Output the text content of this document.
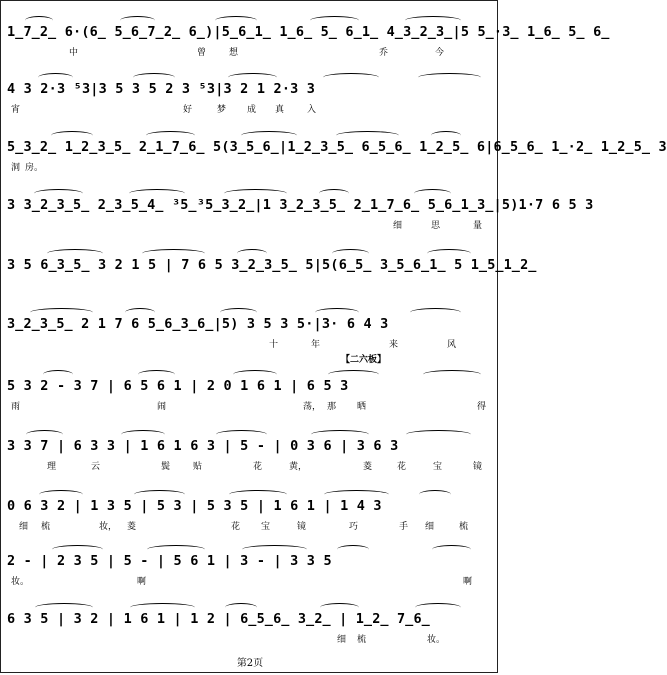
1̲7̲2̲ 6·(6̲ 5̲6̲7̲2̲ 6̲)|5̲6̲1̲ 1̲6̲ 5̲ 6̲1̲ 4̲3̲2̲3̲|5 5̲·3̲ 1̲6̲ 5̲ 6̲
中	曾	想	乔	今
4 3 2·3 ⁵3|3 5 3 5 2 3 ⁵3|3 2 1 2·3 3
宵	好	梦 成 真	入
5̲3̲2̲ 1̲2̲3̲5̲ 2̲1̲7̲6̲ 5(3̲5̲6̲|1̲2̲3̲5̲ 6̲5̲6̲ 1̲2̲5̲ 6|6̲5̲6̲ 1̲·2̲ 1̲2̲5̲ 3
洞 房。
3 3̲2̲3̲5̲ 2̲3̲5̲4̲ ³5̲³5̲3̲2̲|1 3̲2̲3̲5̲ 2̲1̲7̲6̲ 5̲6̲1̲3̲|5)1·7 6 5 3
细	思	量
3 5 6̲3̲5̲ 3 2 1 5 | 7 6 5 3̲2̲3̲5̲ 5|5(6̲5̲ 3̲5̲6̲1̲ 5 1̲5̲1̲2̲
3̲2̲3̲5̲ 2 1 7 6 5̲6̲3̲6̲|5) 3 5 3 5·|3· 6 4 3
十	年	来	风
5 3 2 - 3 7 | 6 5 6 1 | 2 0 1 6 1 | 6 5 3
雨	闹	荡， 那 晒	得
3 3 7 | 6 3 3 | 1 6 1 6 3 | 5 - | 0 3 6 | 3 6 3
理	云	鬓	贴	花	黄，	菱	花	宝	镜
0 6 3 2 | 1 3 5 | 5 3 | 5 3 5 | 1 6 1 | 1 4 3
细 梳	妆， 菱	花 宝	镜	巧	手 细	梳
2 - | 2 3 5 | 5 - | 5 6 1 | 3 - | 3 3 5
妆。	啊	啊
6 3 5 | 3 2 | 1 6 1 | 1 2 | 6̲5̲6̲ 3̲2̲ | 1̲2̲ 7̲6̲
细 梳	妆。
【二六板】
第2页
